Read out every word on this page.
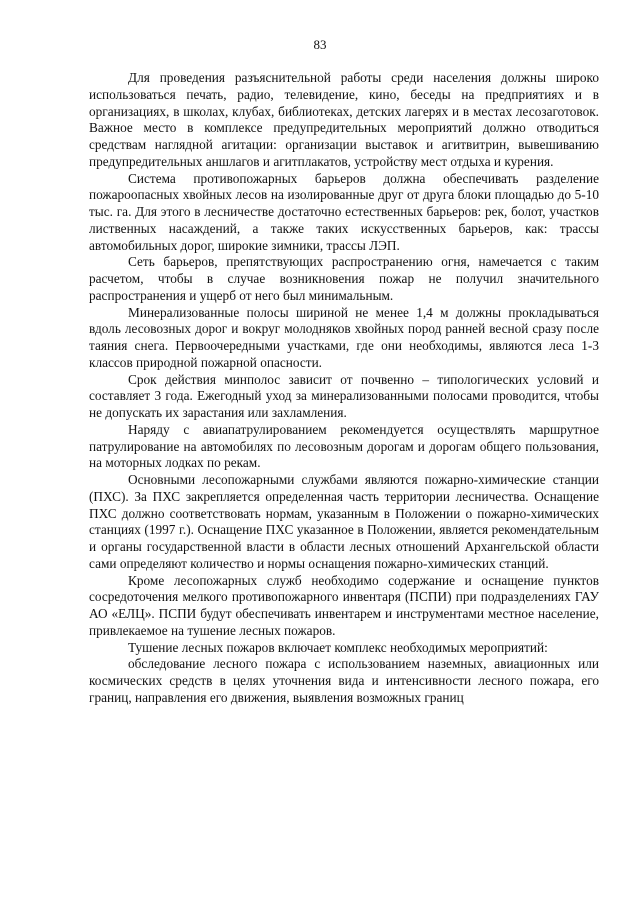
83

Для проведения разъяснительной работы среди населения должны широко использоваться печать, радио, телевидение, кино, беседы на предприятиях и в организациях, в школах, клубах, библиотеках, детских лагерях и в местах лесозаготовок. Важное место в комплексе предупредительных мероприятий должно отводиться средствам наглядной агитации: организации выставок и агитвитрин, вывешиванию предупредительных аншлагов и агитплакатов, устройству мест отдыха и курения.

Система противопожарных барьеров должна обеспечивать разделение пожароопасных хвойных лесов на изолированные друг от друга блоки площадью до 5-10 тыс. га. Для этого в лесничестве достаточно естественных барьеров: рек, болот, участков лиственных насаждений, а также таких искусственных барьеров, как: трассы автомобильных дорог, широкие зимники, трассы ЛЭП.

Сеть барьеров, препятствующих распространению огня, намечается с таким расчетом, чтобы в случае возникновения пожар не получил значительного распространения и ущерб от него был минимальным.

Минерализованные полосы шириной не менее 1,4 м должны прокладываться вдоль лесовозных дорог и вокруг молодняков хвойных пород ранней весной сразу после таяния снега. Первоочередными участками, где они необходимы, являются леса 1-3 классов природной пожарной опасности.

Срок действия минполос зависит от почвенно – типологических условий и составляет 3 года. Ежегодный уход за минерализованными полосами проводится, чтобы не допускать их зарастания или захламления.

Наряду с авиапатрулированием рекомендуется осуществлять маршрутное патрулирование на автомобилях по лесовозным дорогам и дорогам общего пользования, на моторных лодках по рекам.

Основными лесопожарными службами являются пожарно-химические станции (ПХС). За ПХС закрепляется определенная часть территории лесничества. Оснащение ПХС должно соответствовать нормам, указанным в Положении о пожарно-химических станциях (1997 г.). Оснащение ПХС указанное в Положении, является рекомендательным и органы государственной власти в области лесных отношений Архангельской области сами определяют количество и нормы оснащения пожарно-химических станций.

Кроме лесопожарных служб необходимо содержание и оснащение пунктов сосредоточения мелкого противопожарного инвентаря (ПСПИ) при подразделениях ГАУ АО «ЕЛЦ». ПСПИ будут обеспечивать инвентарем и инструментами местное население, привлекаемое на тушение лесных пожаров.

Тушение лесных пожаров включает комплекс необходимых мероприятий:

обследование лесного пожара с использованием наземных, авиационных или космических средств в целях уточнения вида и интенсивности лесного пожара, его границ, направления его движения, выявления возможных границ
